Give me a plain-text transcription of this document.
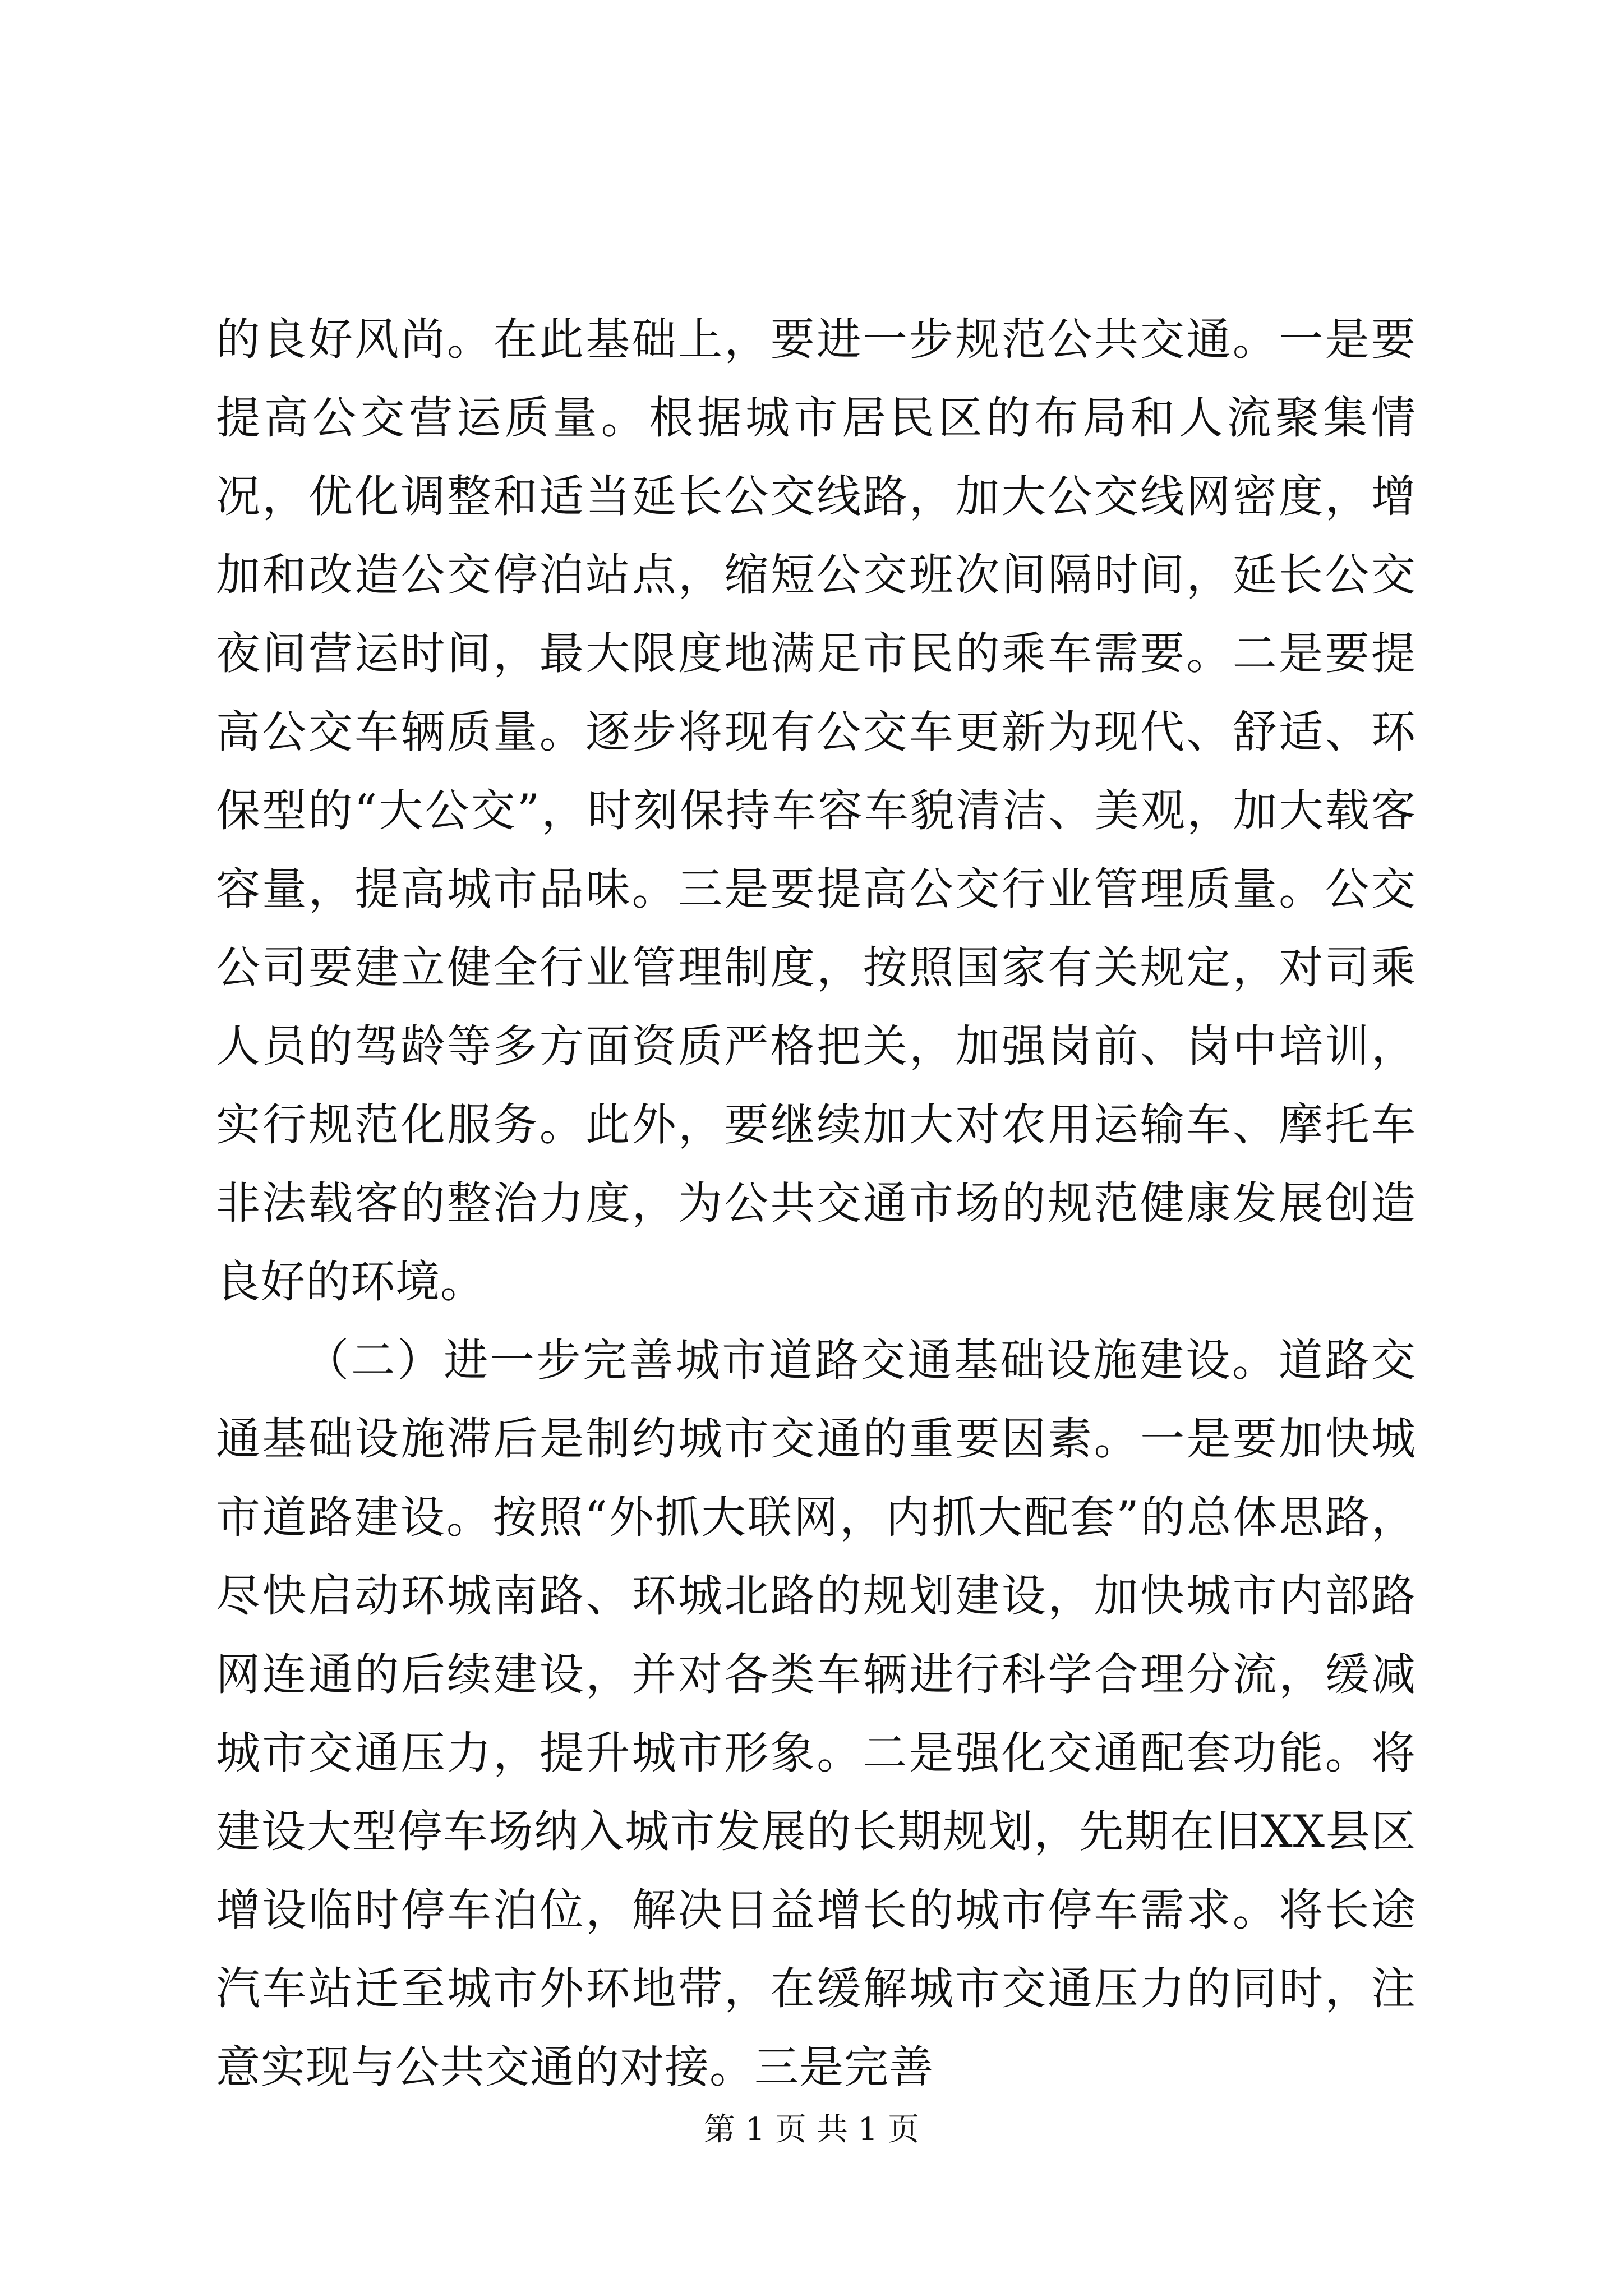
的良好风尚。在此基础上，要进一步规范公共交通。一是要提高公交营运质量。根据城市居民区的布局和人流聚集情况，优化调整和适当延长公交线路，加大公交线网密度，增加和改造公交停泊站点，缩短公交班次间隔时间，延长公交夜间营运时间，最大限度地满足市民的乘车需要。二是要提高公交车辆质量。逐步将现有公交车更新为现代、舒适、环保型的“大公交”，时刻保持车容车貌清洁、美观，加大载客容量，提高城市品味。三是要提高公交行业管理质量。公交公司要建立健全行业管理制度，按照国家有关规定，对司乘人员的驾龄等多方面资质严格把关，加强岗前、岗中培训，实行规范化服务。此外，要继续加大对农用运输车、摩托车非法载客的整治力度，为公共交通市场的规范健康发展创造良好的环境。

（二）进一步完善城市道路交通基础设施建设。道路交通基础设施滞后是制约城市交通的重要因素。一是要加快城市道路建设。按照“外抓大联网，内抓大配套”的总体思路，尽快启动环城南路、环城北路的规划建设，加快城市内部路网连通的后续建设，并对各类车辆进行科学合理分流，缓减城市交通压力，提升城市形象。二是强化交通配套功能。将建设大型停车场纳入城市发展的长期规划，先期在旧XX县区增设临时停车泊位，解决日益增长的城市停车需求。将长途汽车站迁至城市外环地带，在缓解城市交通压力的同时，注意实现与公共交通的对接。三是完善

第 1 页 共 1 页
